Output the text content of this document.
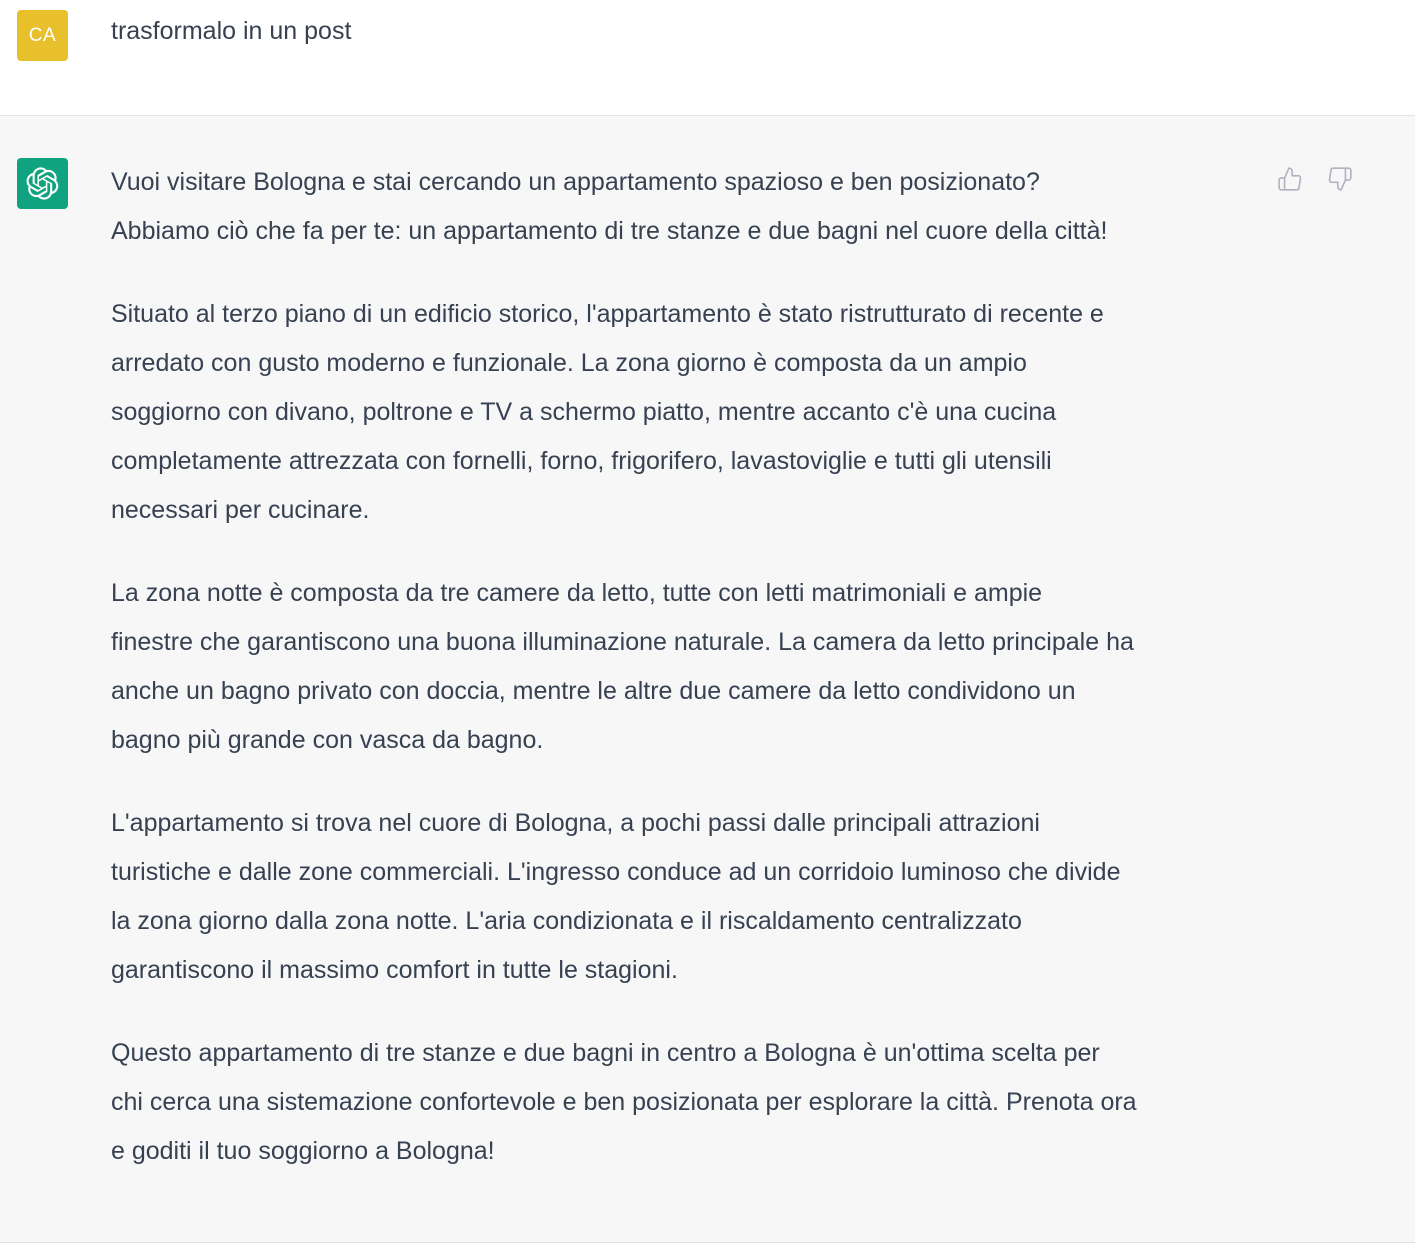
CA	trasformalo in un post
Vuoi visitare Bologna e stai cercando un appartamento spazioso e ben posizionato?
Abbiamo ciò che fa per te: un appartamento di tre stanze e due bagni nel cuore della città!
Situato al terzo piano di un edificio storico, l'appartamento è stato ristrutturato di recente e
arredato con gusto moderno e funzionale. La zona giorno è composta da un ampio
soggiorno con divano, poltrone e TV a schermo piatto, mentre accanto c'è una cucina
completamente attrezzata con fornelli, forno, frigorifero, lavastoviglie e tutti gli utensili
necessari per cucinare.
La zona notte è composta da tre camere da letto, tutte con letti matrimoniali e ampie
finestre che garantiscono una buona illuminazione naturale. La camera da letto principale ha
anche un bagno privato con doccia, mentre le altre due camere da letto condividono un
bagno più grande con vasca da bagno.
L'appartamento si trova nel cuore di Bologna, a pochi passi dalle principali attrazioni
turistiche e dalle zone commerciali. L'ingresso conduce ad un corridoio luminoso che divide
la zona giorno dalla zona notte. L'aria condizionata e il riscaldamento centralizzato
garantiscono il massimo comfort in tutte le stagioni.
Questo appartamento di tre stanze e due bagni in centro a Bologna è un'ottima scelta per
chi cerca una sistemazione confortevole e ben posizionata per esplorare la città. Prenota ora
e goditi il tuo soggiorno a Bologna!
